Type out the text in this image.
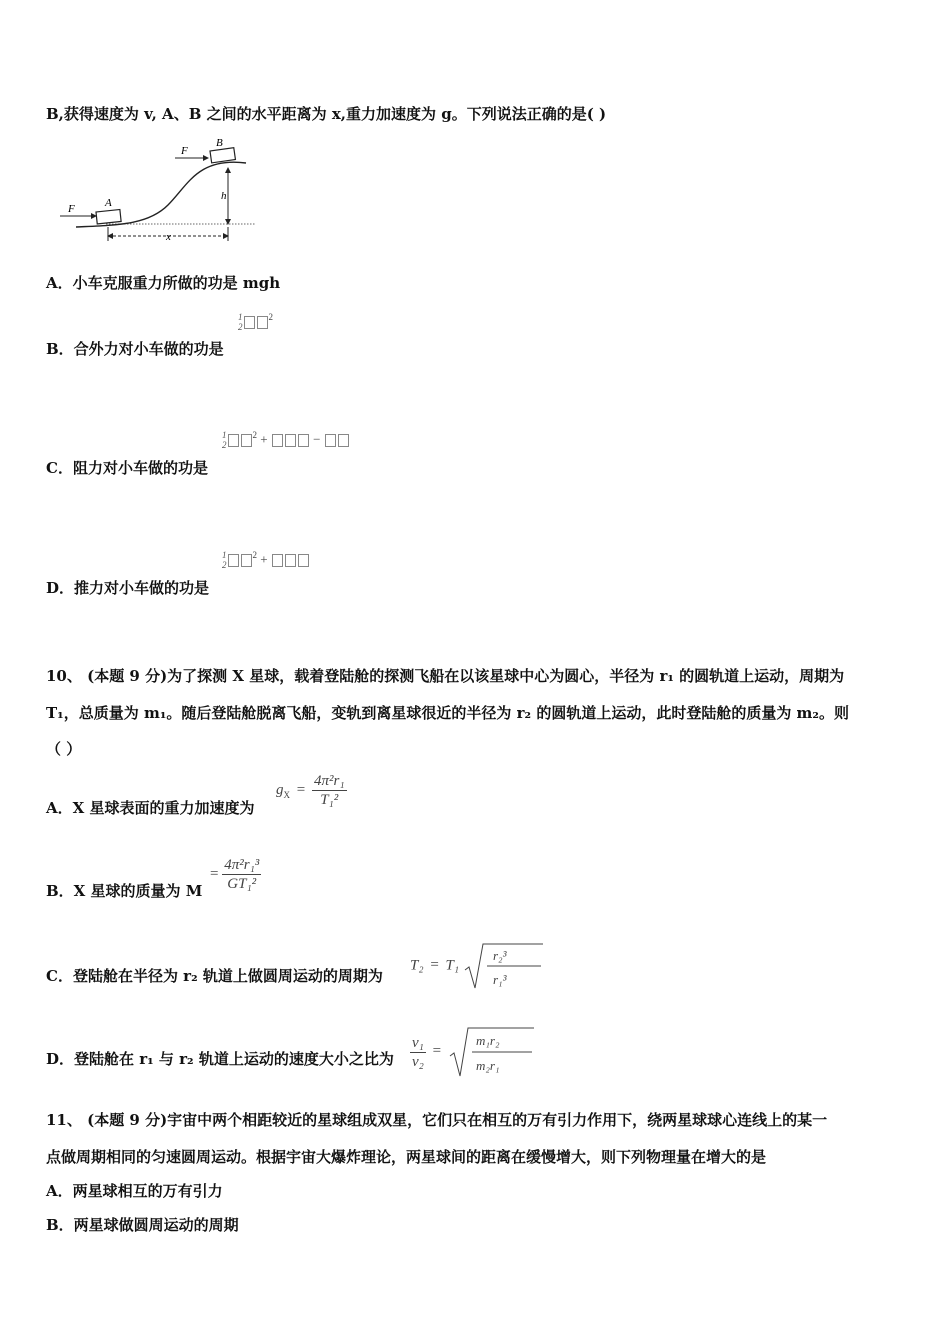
B,获得速度为 v, A、B 之间的水平距离为 x,重力加速度为 g。下列说法正确的是( )
A
B
F
F
h
x
A．小车克服重力所做的功是 mgh
B．合外力对小车做的功是
1
$2^2$
C．阻力对小车做的功是
1
$2^2$ +	−
D．推力对小车做的功是
1
$2^2$ +
10、 (本题 9 分)为了探测 X 星球，载着登陆舱的探测飞船在以该星球中心为圆心，半径为 r₁ 的圆轨道上运动，周期为
T₁，总质量为 m₁。随后登陆舱脱离飞船，变轨到离星球很近的半径为 r₂ 的圆轨道上运动，此时登陆舱的质量为 m₂。则
（ ）
A．X 星球表面的重力加速度为
$g_X = \frac{\text{4π²r₁}}{\text{T₁²}}$
B．X 星球的质量为 M
= $\frac{\text{4π²r₁³}}{\text{GT₁²}}$
C．登陆舱在半径为 r₂ 轨道上做圆周运动的周期为
T₂ = T₁
r₂³
r₁³
D．登陆舱在 r₁ 与 r₂ 轨道上运动的速度大小之比为 $\frac{\text{v₁}}{\text{v₂}}$ =
m₁r₂
m₂r₁
11、 (本题 9 分)宇宙中两个相距较近的星球组成双星，它们只在相互的万有引力作用下，绕两星球球心连线上的某一
点做周期相同的匀速圆周运动。根据宇宙大爆炸理论，两星球间的距离在缓慢增大，则下列物理量在增大的是
A．两星球相互的万有引力
B．两星球做圆周运动的周期
